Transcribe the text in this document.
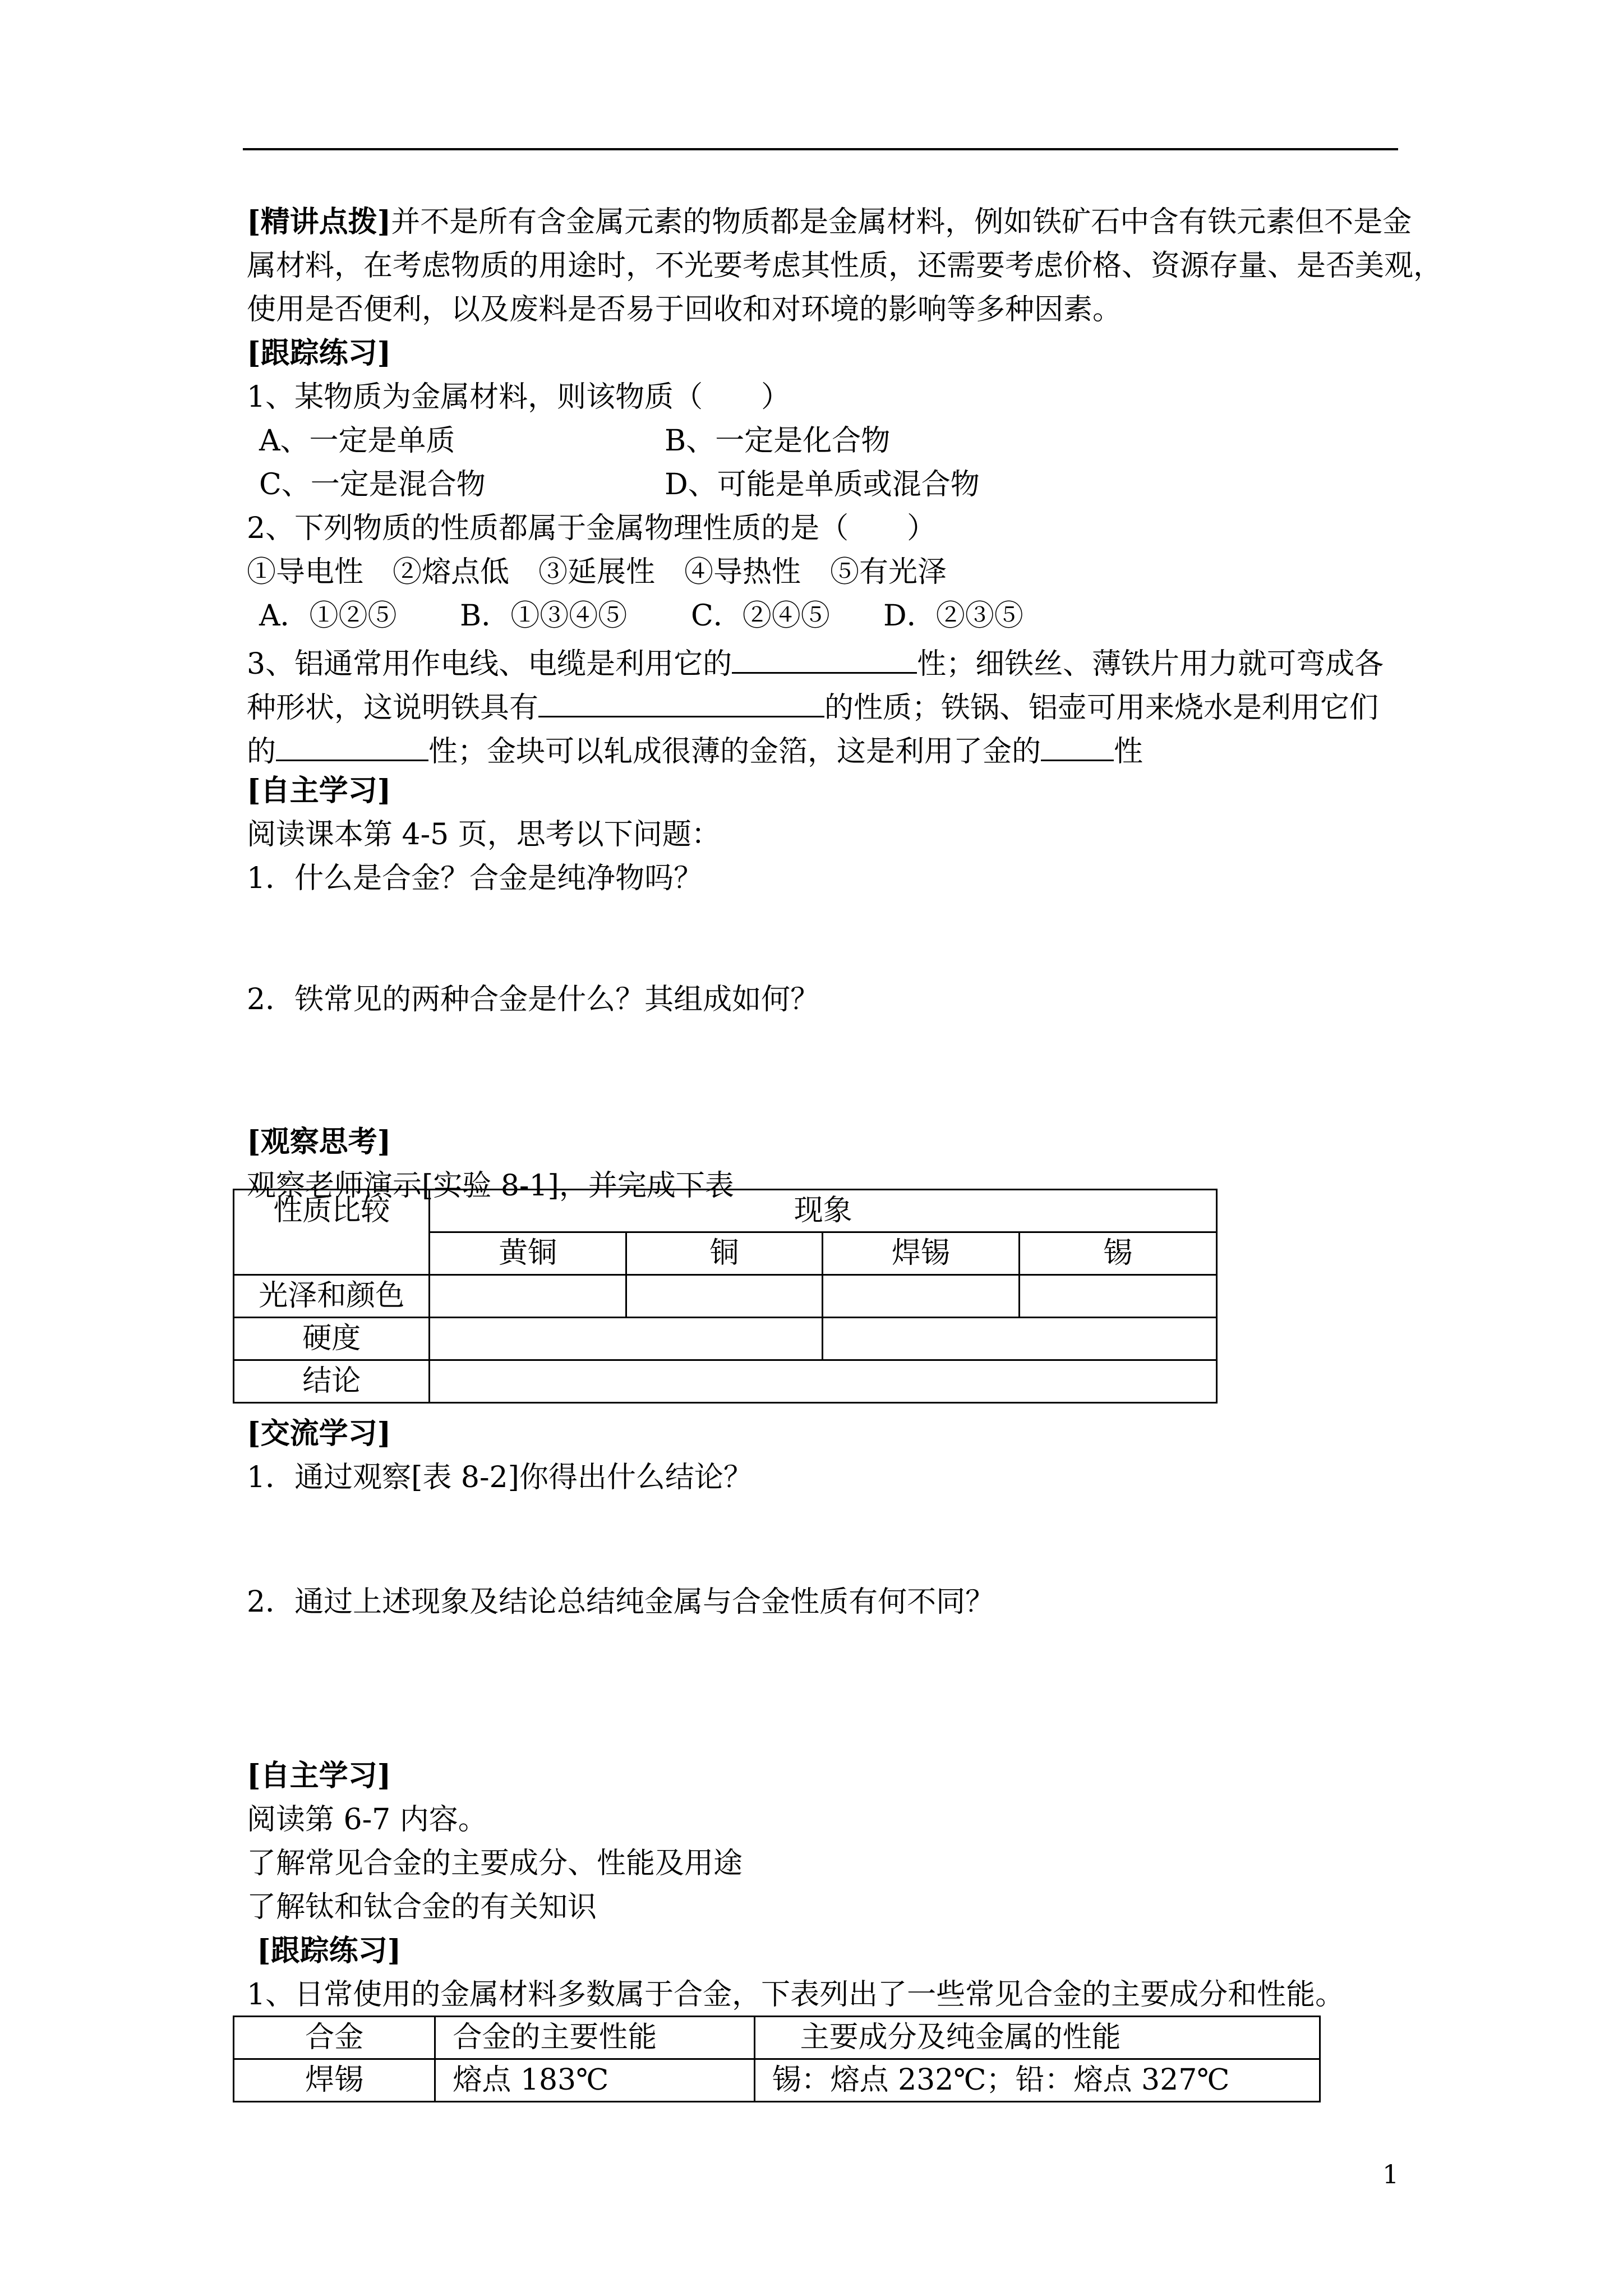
[精讲点拨]并不是所有含金属元素的物质都是金属材料，例如铁矿石中含有铁元素但不是金
属材料，在考虑物质的用途时，不光要考虑其性质，还需要考虑价格、资源存量、是否美观，
使用是否便利，以及废料是否易于回收和对环境的影响等多种因素。
[跟踪练习]
1、某物质为金属材料，则该物质（　　）
A、一定是单质	B、一定是化合物
C、一定是混合物	D、可能是单质或混合物
2、下列物质的性质都属于金属物理性质的是（　　）
①导电性　②熔点低　③延展性　④导热性　⑤有光泽
A．①②⑤ B．①③④⑤ C．②④⑤ D．②③⑤
3、铝通常用作电线、电缆是利用它的	性；细铁丝、薄铁片用力就可弯成各
种形状，这说明铁具有	的性质；铁锅、铝壶可用来烧水是利用它们
的	性；金块可以轧成很薄的金箔，这是利用了金的	性
[自主学习]
阅读课本第 4-5 页，思考以下问题：
1．什么是合金？合金是纯净物吗？
2．铁常见的两种合金是什么？其组成如何？
[观察思考]
观察老师演示[实验 8-1]，并完成下表
性质比较	现象			
	黄铜	铜	焊锡	锡
光泽和颜色				
硬度				
结论				
[交流学习]
1．通过观察[表 8-2]你得出什么结论？
2．通过上述现象及结论总结纯金属与合金性质有何不同？
[自主学习]
阅读第 6-7 内容。
了解常见合金的主要成分、性能及用途
了解钛和钛合金的有关知识
[跟踪练习]
1、日常使用的金属材料多数属于合金，下表列出了一些常见合金的主要成分和性能。
合金	合金的主要性能	主要成分及纯金属的性能
焊锡	熔点 183℃	锡：熔点 232℃；铅：熔点 327℃
1
